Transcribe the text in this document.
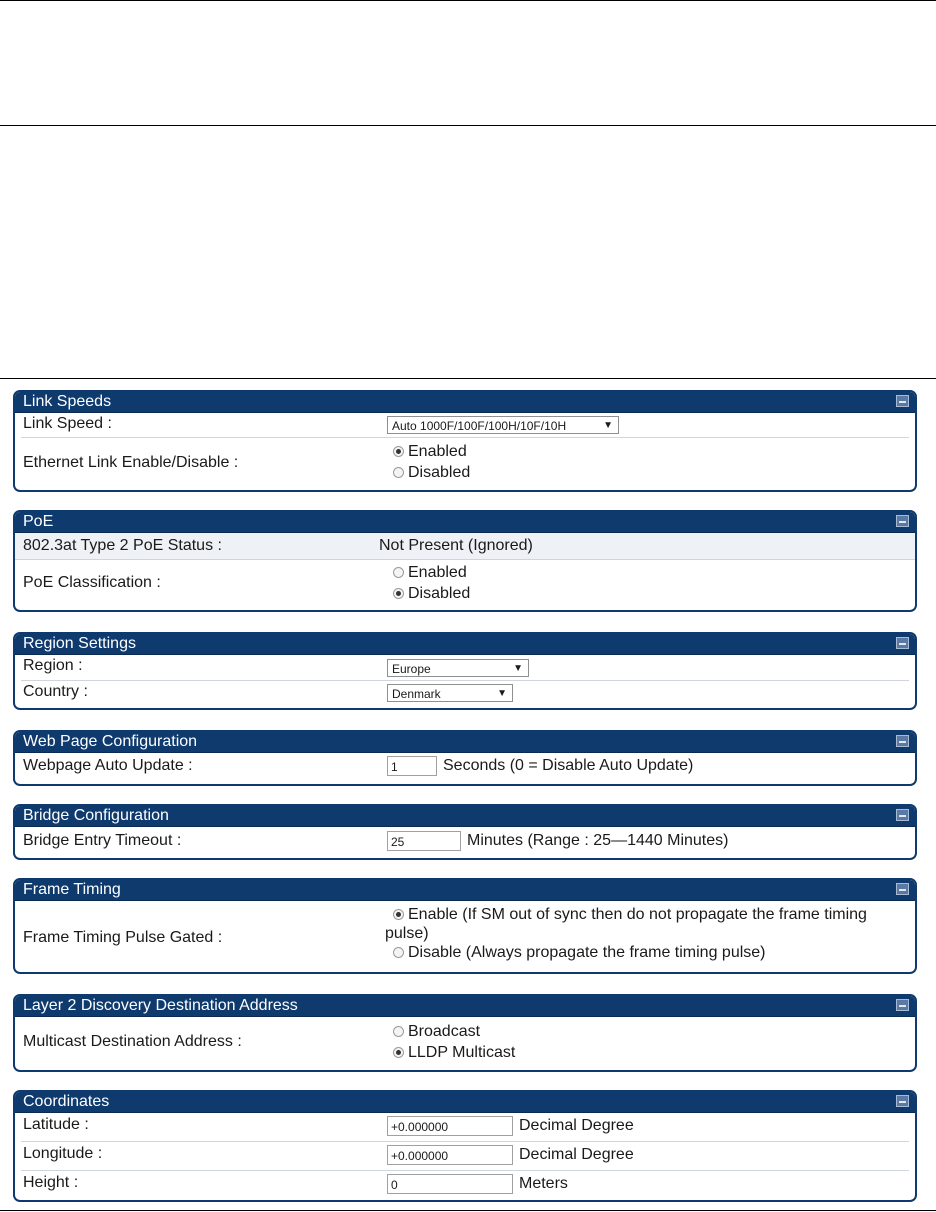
Link Speeds
Link Speed :	Auto 1000F/100F/100H/10F/10H	▼
Ethernet Link Enable/Disable :
Enabled
Disabled
PoE
802.3at Type 2 PoE Status :	Not Present (Ignored)
PoE Classification :
Enabled
Disabled
Region Settings
Region :	Europe	▼
Country :	Denmark	▼
Web Page Configuration
Webpage Auto Update :	1	Seconds (0 = Disable Auto Update)
Bridge Configuration
Bridge Entry Timeout :	25	Minutes (Range : 25—1440 Minutes)
Frame Timing
Frame Timing Pulse Gated :
Enable (If SM out of sync then do not propagate the frame timing
pulse)
Disable (Always propagate the frame timing pulse)
Layer 2 Discovery Destination Address
Multicast Destination Address :
Broadcast
LLDP Multicast
Coordinates
Latitude :	+0.000000	Decimal Degree
Longitude :	+0.000000	Decimal Degree
Height :	0	Meters
